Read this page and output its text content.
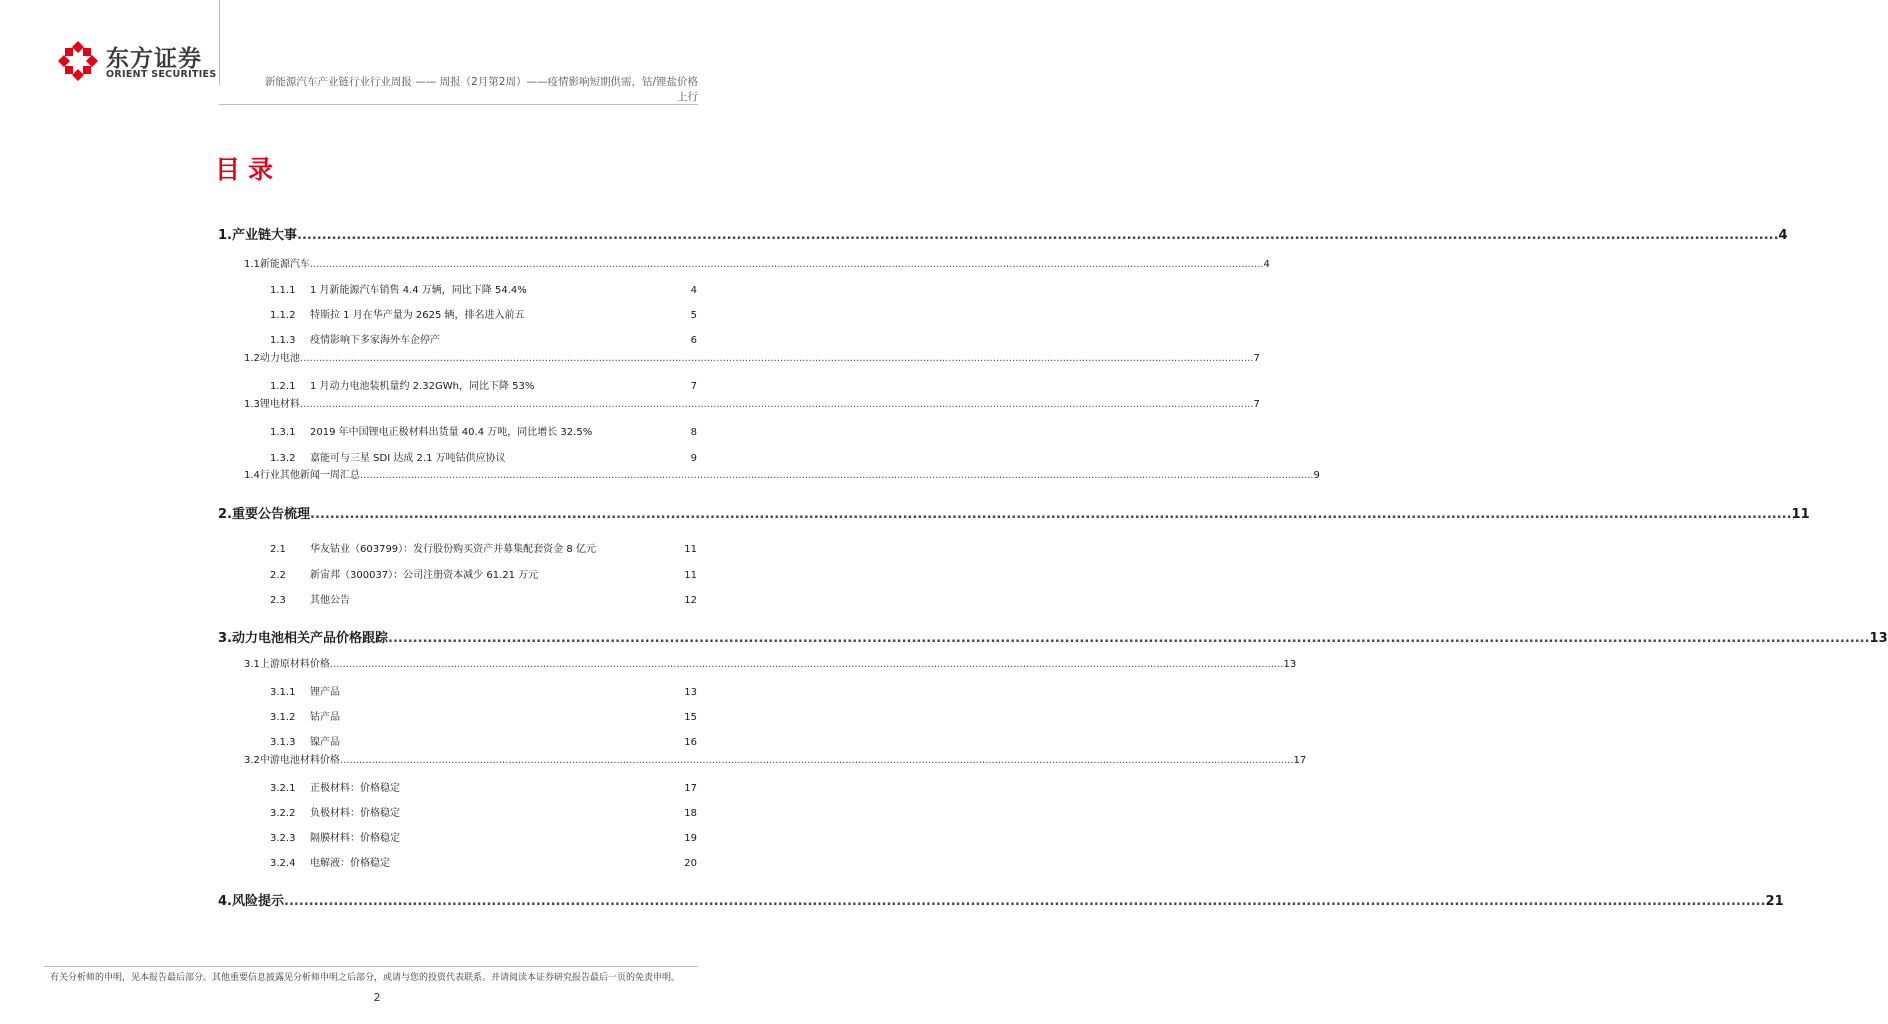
东方证券
ORIENT SECURITIES
新能源汽车产业链行业行业周报 —— 周报（2月第2周）——疫情影响短期供需，钴/锂盐价格上行
目录
1. 产业链大事 ............................................................................................................................................................................................................................................................................................................ 4
1.1 新能源汽车 ............................................................................................................................................................................................................................................................................................................ 4
1.1.1	1 月新能源汽车销售 4.4 万辆，同比下降 54.4%	4
1.1.2	特斯拉 1 月在华产量为 2625 辆，排名进入前五	5
1.1.3	疫情影响下多家海外车企停产	6
1.2 动力电池 ............................................................................................................................................................................................................................................................................................................ 7
1.2.1	1 月动力电池装机量约 2.32GWh，同比下降 53%	7
1.3 锂电材料 ............................................................................................................................................................................................................................................................................................................ 7
1.3.1	2019 年中国锂电正极材料出货量 40.4 万吨，同比增长 32.5%	8
1.3.2	嘉能可与三星 SDI 达成 2.1 万吨钴供应协议	9
1.4 行业其他新闻一周汇总 ............................................................................................................................................................................................................................................................................................................ 9
2. 重要公告梳理 ............................................................................................................................................................................................................................................................................................................ 11
2.1	华友钴业（603799）：发行股份购买资产并募集配套资金 8 亿元	11
2.2	新宙邦（300037）：公司注册资本减少 61.21 万元	11
2.3	其他公告	12
3. 动力电池相关产品价格跟踪 ............................................................................................................................................................................................................................................................................................................ 13
3.1 上游原材料价格 ............................................................................................................................................................................................................................................................................................................ 13
3.1.1	锂产品	13
3.1.2	钴产品	15
3.1.3	镍产品	16
3.2 中游电池材料价格 ............................................................................................................................................................................................................................................................................................................ 17
3.2.1	正极材料：价格稳定	17
3.2.2	负极材料：价格稳定	18
3.2.3	隔膜材料：价格稳定	19
3.2.4	电解液：价格稳定	20
4. 风险提示 ............................................................................................................................................................................................................................................................................................................ 21
有关分析师的申明，见本报告最后部分。其他重要信息披露见分析师申明之后部分，或请与您的投资代表联系。并请阅读本证券研究报告最后一页的免责申明。
2
